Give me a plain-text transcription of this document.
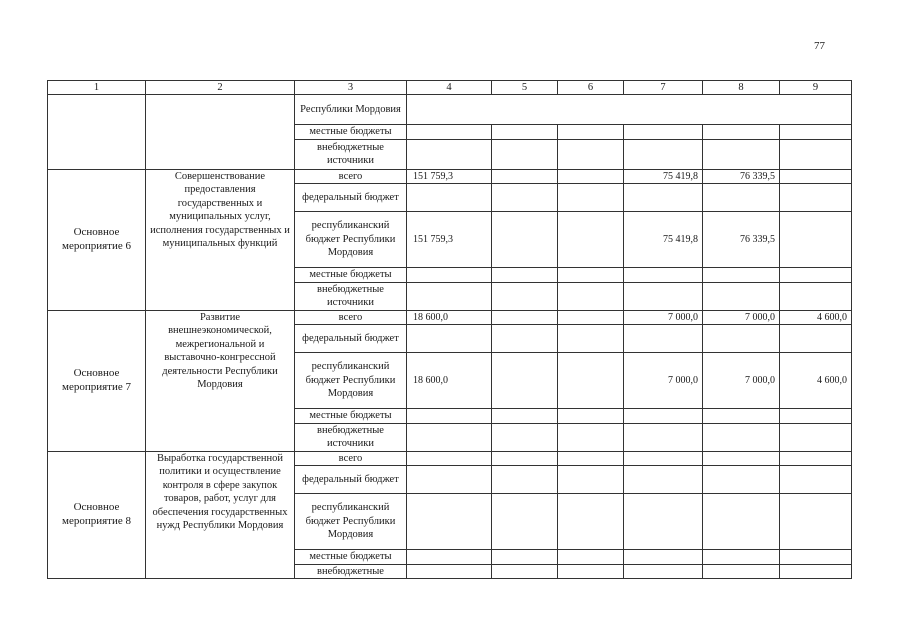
77
1	2	3	4	5	6	7	8	9
		Республики Мордовия						
		местные бюджеты						
		внебюджетные источники						
Основное мероприятие 6	Совершенствование предоставления государственных и муниципальных услуг, исполнения государственных и муниципальных функций	всего	151 759,3			75 419,8	76 339,5	
		федеральный бюджет						
		республиканский бюджет Республики Мордовия	151 759,3			75 419,8	76 339,5	
		местные бюджеты						
		внебюджетные источники						
Основное мероприятие 7	Развитие внешнеэкономической, межрегиональной и выставочно-конгрессной деятельности Республики Мордовия	всего	18 600,0			7 000,0	7 000,0	4 600,0
		федеральный бюджет						
		республиканский бюджет Республики Мордовия	18 600,0			7 000,0	7 000,0	4 600,0
		местные бюджеты						
		внебюджетные источники						
Основное мероприятие 8	Выработка государственной политики и осуществление контроля в сфере закупок товаров, работ, услуг для обеспечения государственных нужд Республики Мордовия	всего						
		федеральный бюджет						
		республиканский бюджет Республики Мордовия						
		местные бюджеты						
		внебюджетные						
